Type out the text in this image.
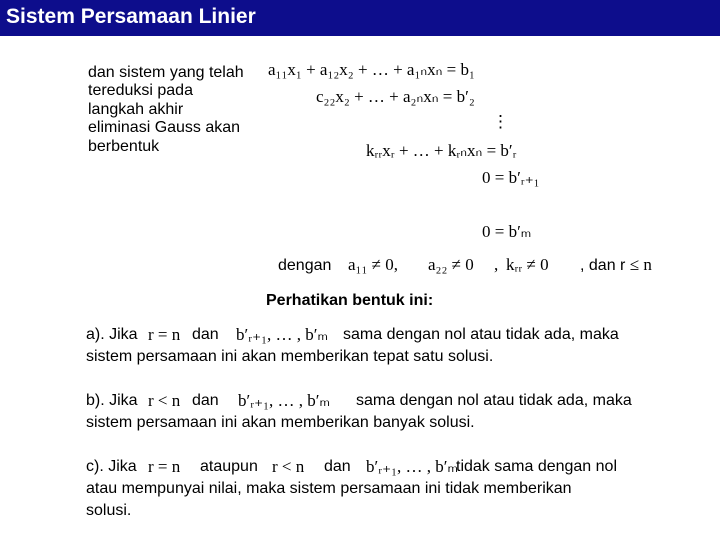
Sistem Persamaan Linier
dan sistem yang telah tereduksi pada langkah akhir eliminasi Gauss akan berbentuk
a₁₁x₁ + a₁₂x₂ + … + a₁ₙxₙ = b₁
c₂₂x₂ + … + a₂ₙxₙ = b′₂
⋮
kᵣᵣxᵣ + … + kᵣₙxₙ = b′ᵣ
0 = b′ᵣ₊₁
0 = b′ₘ
dengan a₁₁ ≠ 0, a₂₂ ≠ 0 , kᵣᵣ ≠ 0 , dan r ≤ n
Perhatikan bentuk ini:
a). Jika r = n dan b′ᵣ₊₁, … , b′ₘ sama dengan nol atau tidak ada, maka
sistem persamaan ini akan memberikan tepat satu solusi.
b). Jika r < n dan b′ᵣ₊₁, … , b′ₘ sama dengan nol atau tidak ada, maka
sistem persamaan ini akan memberikan banyak solusi.
c). Jika r = n ataupun r < n dan b′ᵣ₊₁, … , b′ₘ
tidak sama dengan nol
atau mempunyai nilai, maka sistem persamaan ini tidak memberikan
solusi.
